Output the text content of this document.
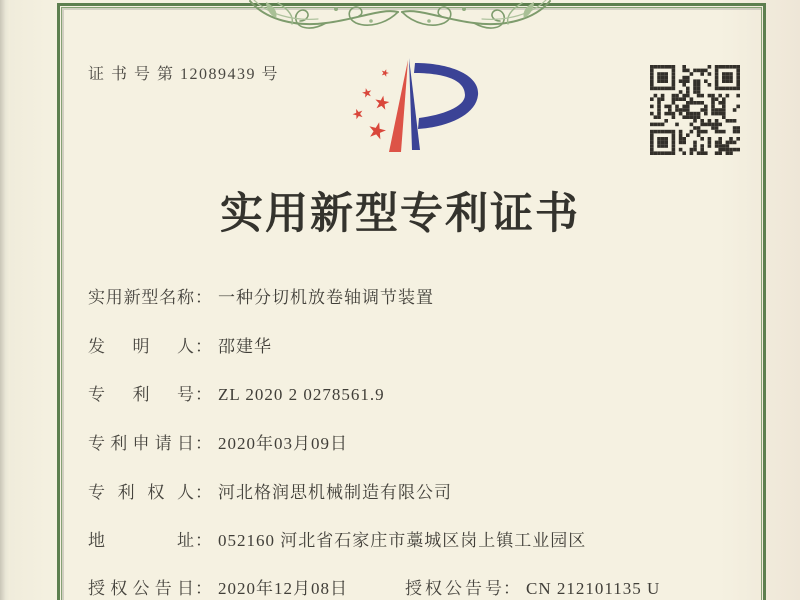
证 书 号 第 12089439 号
实用新型专利证书
实用新型名称： 一种分切机放卷轴调节装置
发明人： 邵建华
专利号： ZL 2020 2 0278561.9
专利申请日： 2020年03月09日
专利权人： 河北格润思机械制造有限公司
地址： 052160 河北省石家庄市藁城区岗上镇工业园区
授权公告日： 2020年12月08日	授权公告号： CN 212101135 U
